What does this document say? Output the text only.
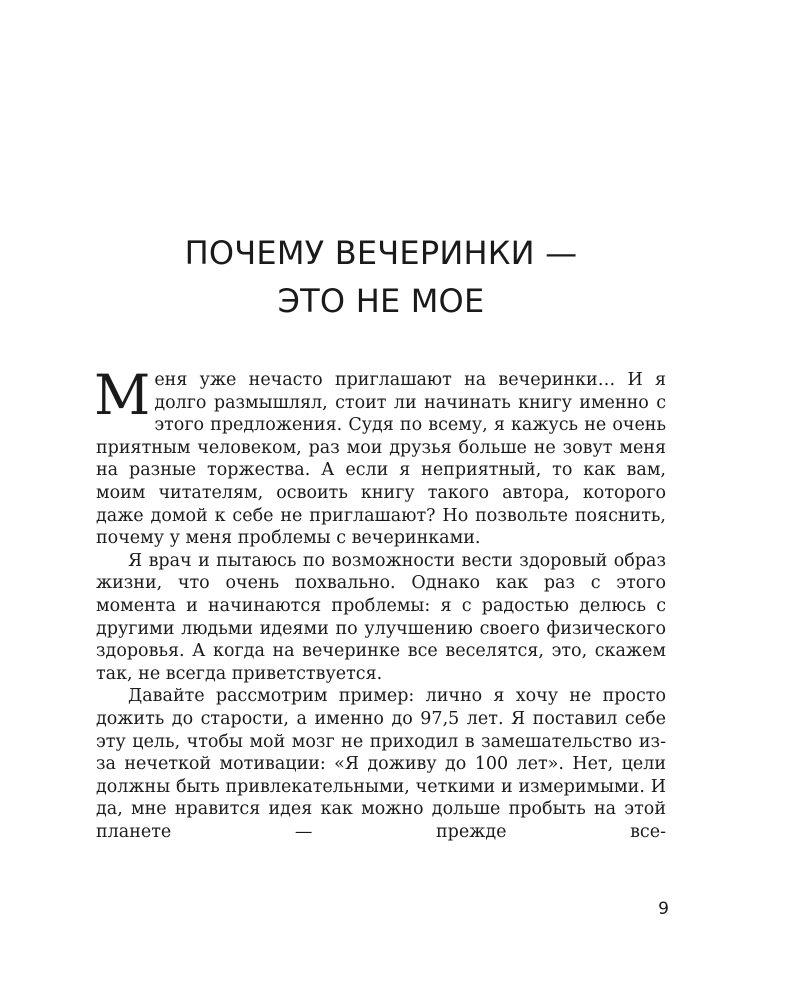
ПОЧЕМУ ВЕЧЕРИНКИ —
ЭТО НЕ МОЕ

Меня уже нечасто приглашают на вечеринки… И я долго размышлял, стоит ли начинать книгу именно с этого предложения. Судя по всему, я кажусь не очень приятным человеком, раз мои друзья больше не зовут меня на разные торжества. А если я неприятный, то как вам, моим читателям, освоить книгу такого автора, которого даже домой к себе не приглашают? Но позвольте пояснить, почему у меня проблемы с вечеринками.

Я врач и пытаюсь по возможности вести здоровый образ жизни, что очень похвально. Однако как раз с этого момента и начинаются проблемы: я с радостью делюсь с другими людьми идеями по улучшению своего физического здоровья. А когда на вечеринке все веселятся, это, скажем так, не всегда приветствуется.

Давайте рассмотрим пример: лично я хочу не просто дожить до старости, а именно до 97,5 лет. Я поставил себе эту цель, чтобы мой мозг не приходил в замешательство из-за нечеткой мотивации: «Я доживу до 100 лет». Нет, цели должны быть привлекательными, четкими и измеримыми. И да, мне нравится идея как можно дольше пробыть на этой планете — прежде все-

9
